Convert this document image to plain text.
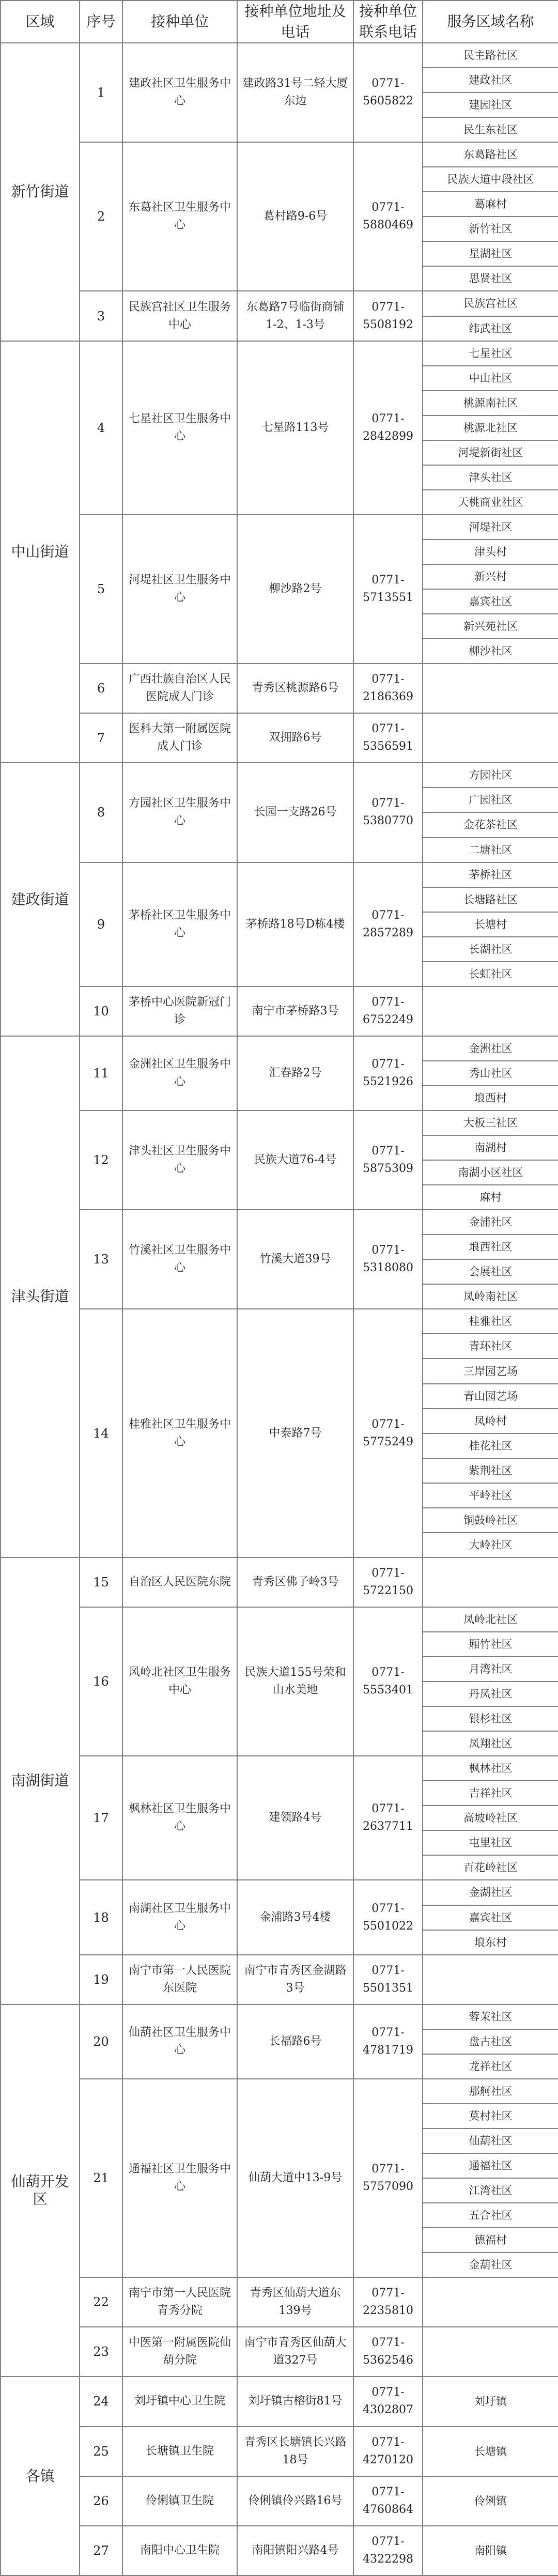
区域	序号	接种单位	接种单位地址及电话	接种单位联系电话	服务区域名称
新竹街道	1	建政社区卫生服务中心	建政路31号二轻大厦东边	0771-5605822	民主路社区
					建政社区
					建园社区
					民生东社区
	2	东葛社区卫生服务中心	葛村路9-6号	0771-5880469	东葛路社区
					民族大道中段社区
					葛麻村
					新竹社区
					星湖社区
					思贤社区
	3	民族宫社区卫生服务中心	东葛路7号临街商铺1-2、1-3号	0771-5508192	民族宫社区
					纬武社区
中山街道	4	七星社区卫生服务中心	七星路113号	0771-2842899	七星社区
					中山社区
					桃源南社区
					桃源北社区
					河堤新街社区
					津头社区
					天桃商业社区
	5	河堤社区卫生服务中心	柳沙路2号	0771-5713551	河堤社区
					津头村
					新兴村
					嘉宾社区
					新兴苑社区
					柳沙社区
	6	广西壮族自治区人民医院成人门诊	青秀区桃源路6号	0771-2186369	

	7	医科大第一附属医院成人门诊	双拥路6号	0771-5356591	

建政街道	8	方园社区卫生服务中心	长园一支路26号	0771-5380770	方园社区
					广园社区
					金花茶社区
					二塘社区
	9	茅桥社区卫生服务中心	茅桥路18号D栋4楼	0771-2857289	茅桥社区
					长塘路社区
					长塘村
					长湖社区
					长虹社区
	10	茅桥中心医院新冠门诊	南宁市茅桥路3号	0771-6752249	

津头街道	11	金洲社区卫生服务中心	汇春路2号	0771-5521926	金洲社区
					秀山社区
					埌西村
	12	津头社区卫生服务中心	民族大道76-4号	0771-5875309	大板三社区
					南湖村
					南湖小区社区
					麻村
	13	竹溪社区卫生服务中心	竹溪大道39号	0771-5318080	金浦社区
					埌西社区
					会展社区
					凤岭南社区
	14	桂雅社区卫生服务中心	中泰路7号	0771-5775249	桂雅社区
					青环社区
					三岸园艺场
					青山园艺场
					凤岭村
					桂花社区
					紫荆社区
					平岭社区
					铜鼓岭社区
					大岭社区
南湖街道	15	自治区人民医院东院	青秀区佛子岭3号	0771-5722150	

	16	风岭北社区卫生服务中心	民族大道155号荣和山水美地	0771-5553401	凤岭北社区
					厢竹社区
					月湾社区
					丹凤社区
					银杉社区
					凤翔社区
	17	枫林社区卫生服务中心	建领路4号	0771-2637711	枫林社区
					吉祥社区
					高坡岭社区
					屯里社区
					百花岭社区
	18	南湖社区卫生服务中心	金浦路3号4楼	0771-5501022	金湖社区
					嘉宾社区
					埌东村
	19	南宁市第一人民医院东医院	南宁市青秀区金湖路3号	0771-5501351	

仙葫开发区	20	仙葫社区卫生服务中心	长福路6号	0771-4781719	蓉茉社区
					盘古社区
					龙祥社区
	21	通福社区卫生服务中心	仙葫大道中13-9号	0771-5757090	那舸社区
					莫村社区
					仙葫社区
					通福社区
					江湾社区
					五合社区
					德福村
					金葫社区
	22	南宁市第一人民医院青秀分院	青秀区仙葫大道东139号	0771-2235810	

	23	中医第一附属医院仙葫分院	南宁市青秀区仙葫大道327号	0771-5362546	

各镇	24	刘圩镇中心卫生院	刘圩镇古榕街81号	0771-4302807	刘圩镇

	25	长塘镇卫生院	青秀区长塘镇长兴路18号	0771-4270120	长塘镇

	26	伶俐镇卫生院	伶俐镇伶兴路16号	0771-4760864	伶俐镇

	27	南阳中心卫生院	南阳镇阳兴路4号	0771-4322298	南阳镇
